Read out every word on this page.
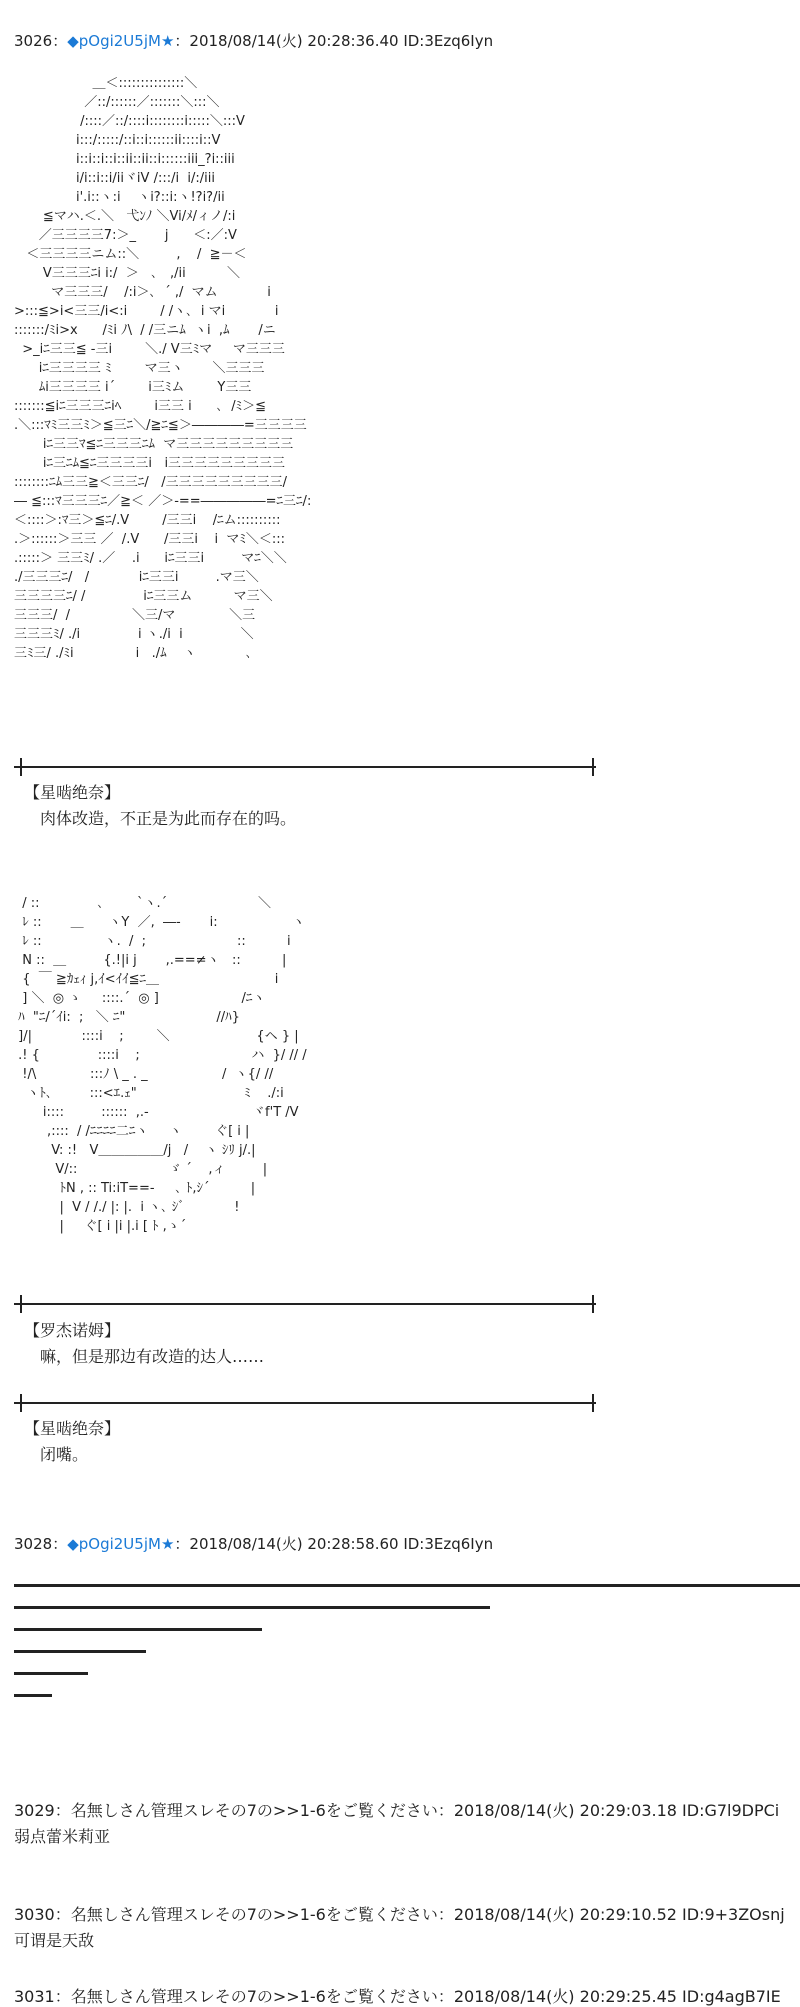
3026：◆pOgi2U5jM★：2018/08/14(火) 20:28:36.40 ID:3Ezq6Iyn
＿＜:::::::::::::::＼
／::/::::::／:::::::＼:::＼
/::::／::/::::i::::::::i:::::＼:::V
i:::/:::::/::i::i::::::ii::::i::V
i::i::i::i::ii::ii::i::::::iii_?i::iii
i/i::i::i/iiヾiV /:::/i  i/:/iii
i'.i::ヽ:i    ヽi?::i:ヽ!?i?/ii
≦マハ.＜.＼   弋ﾝﾉ ＼Vi/ﾒ/ィノ/:i
／三三三三7:＞_       j      ＜:／:V
＜三三三三ニム::＼         ,    /  ≧－＜
V三三三ﾆi i:/  ＞   ､   ,/ii          ＼
マ三三三/    /:i＞､  ´ ,/  マム            i
>:::≦>i<三三/i<:i        / /ヽ､  i マi            i
:::::::/ﾐi>x      /ﾐi ﾉ\  / /三ニﾑ  ヽi  ,ﾑ       /ニ
>_iﾆ三三≦ -三i        ＼./ V三ﾐマ     マ三三三
iﾆ三三三三 ﾐ        マ三ヽ       ＼三三三
ﾑi三三三三 i´        i三ﾐム        Y三三
:::::::≦iﾆ三三三ﾆiﾍ        i三三 i      ､  /ﾐ＞≦
.＼:::ﾏﾐ三三ﾐ＞≦三ﾆ＼/≧ﾆ≦＞――――=三三三三
iﾆ三三ﾏ≦ﾆ三三三ﾆﾑ  マ三三三三三三三三三
iﾆ三ﾆﾑ≦ﾆ三三三三i   i三三三三三三三三三
::::::::ﾆﾑ三三≧＜三三ﾆ/   /三三三三三三三三三/
― ≦:::ﾏ三三三ﾆ／≧＜ ／＞-==―――――=ﾆ三ﾆ/:
＜::::＞:ﾏ三＞≦ﾆ/.V        /三三i    /ﾆム::::::::::
.＞::::::＞三三 ／  /.V      /三三i    i  マﾐ＼＜:::
.:::::＞ 三三ﾐ/ .／    .i      iﾆ三三i         マﾆ＼＼
./三三三ﾆ/   /            iﾆ三三i         .マ三＼
三三三三ﾆ/ /              iﾆ三三ム          マ三＼
三三三/  /               ＼三/マ             ＼三
三三三ﾐ/ ./i              i ヽ./i  i              ＼
三ﾐ三/ ./ﾐi               i   ./ﾑ    ヽ            ､
【星啮绝奈】
肉体改造，不正是为此而存在的吗。
/ ::              ､        `ヽ.´                      ＼
ﾚ ::       ＿      ヽY  ／,  ―‐       i:                  ヽ
ﾚ ::               ヽ.  /  ;                      ::          i
N ::  ＿         {.!|i j       ,.==≠ヽ   ::          |
{  ￣ ≧ｶｪｨ j,ｲ<ｲｲ≦ﾆ＿                            i
] ＼  ◎ ゝ     ::::.´  ◎ ]                    /ﾆヽ
ﾊ  "ﾆ/´ｲi:  ;   ＼ ﾆ"                      //ﾊ}
]/|            ::::i    ;        ＼                     {ヘ } |
.! {              ::::i    ;                           ハ  }/ // /
!/\             :::ﾉ \ _ . _                  /  ヽ{/ //
ヽﾄ､         :::<ｴ.ｪ"                          ﾐ    ./:i
i::::         ::::::  ,.-                         ヾf'T /V
,::::  / /ﾆﾆﾆﾆ二ﾆヽ     ヽ        ぐ[ i |
V: :!   V＿＿＿＿＿/j   /    ヽ ｼﾘ j/.|
V/::                      ゞ ´    ,ィ         |
ﾄN , :: Ti:iT==-     ､ ﾄ,ｼ´          |
|  V / /./ |: |.  i ヽ､ ｼﾞ            !
|     ぐ[ i |i |.i [ ﾄ ,ゝ´
【罗杰诺姆】
嘛，但是那边有改造的达人……
【星啮绝奈】
闭嘴。
3028：◆pOgi2U5jM★：2018/08/14(火) 20:28:58.60 ID:3Ezq6Iyn
3029：名無しさん管理スレその7の>>1-6をご覧ください：2018/08/14(火) 20:29:03.18 ID:G7l9DPCi
弱点蕾米莉亚
3030：名無しさん管理スレその7の>>1-6をご覧ください：2018/08/14(火) 20:29:10.52 ID:9+3ZOsnj
可谓是天敌
3031：名無しさん管理スレその7の>>1-6をご覧ください：2018/08/14(火) 20:29:25.45 ID:g4agB7IE
